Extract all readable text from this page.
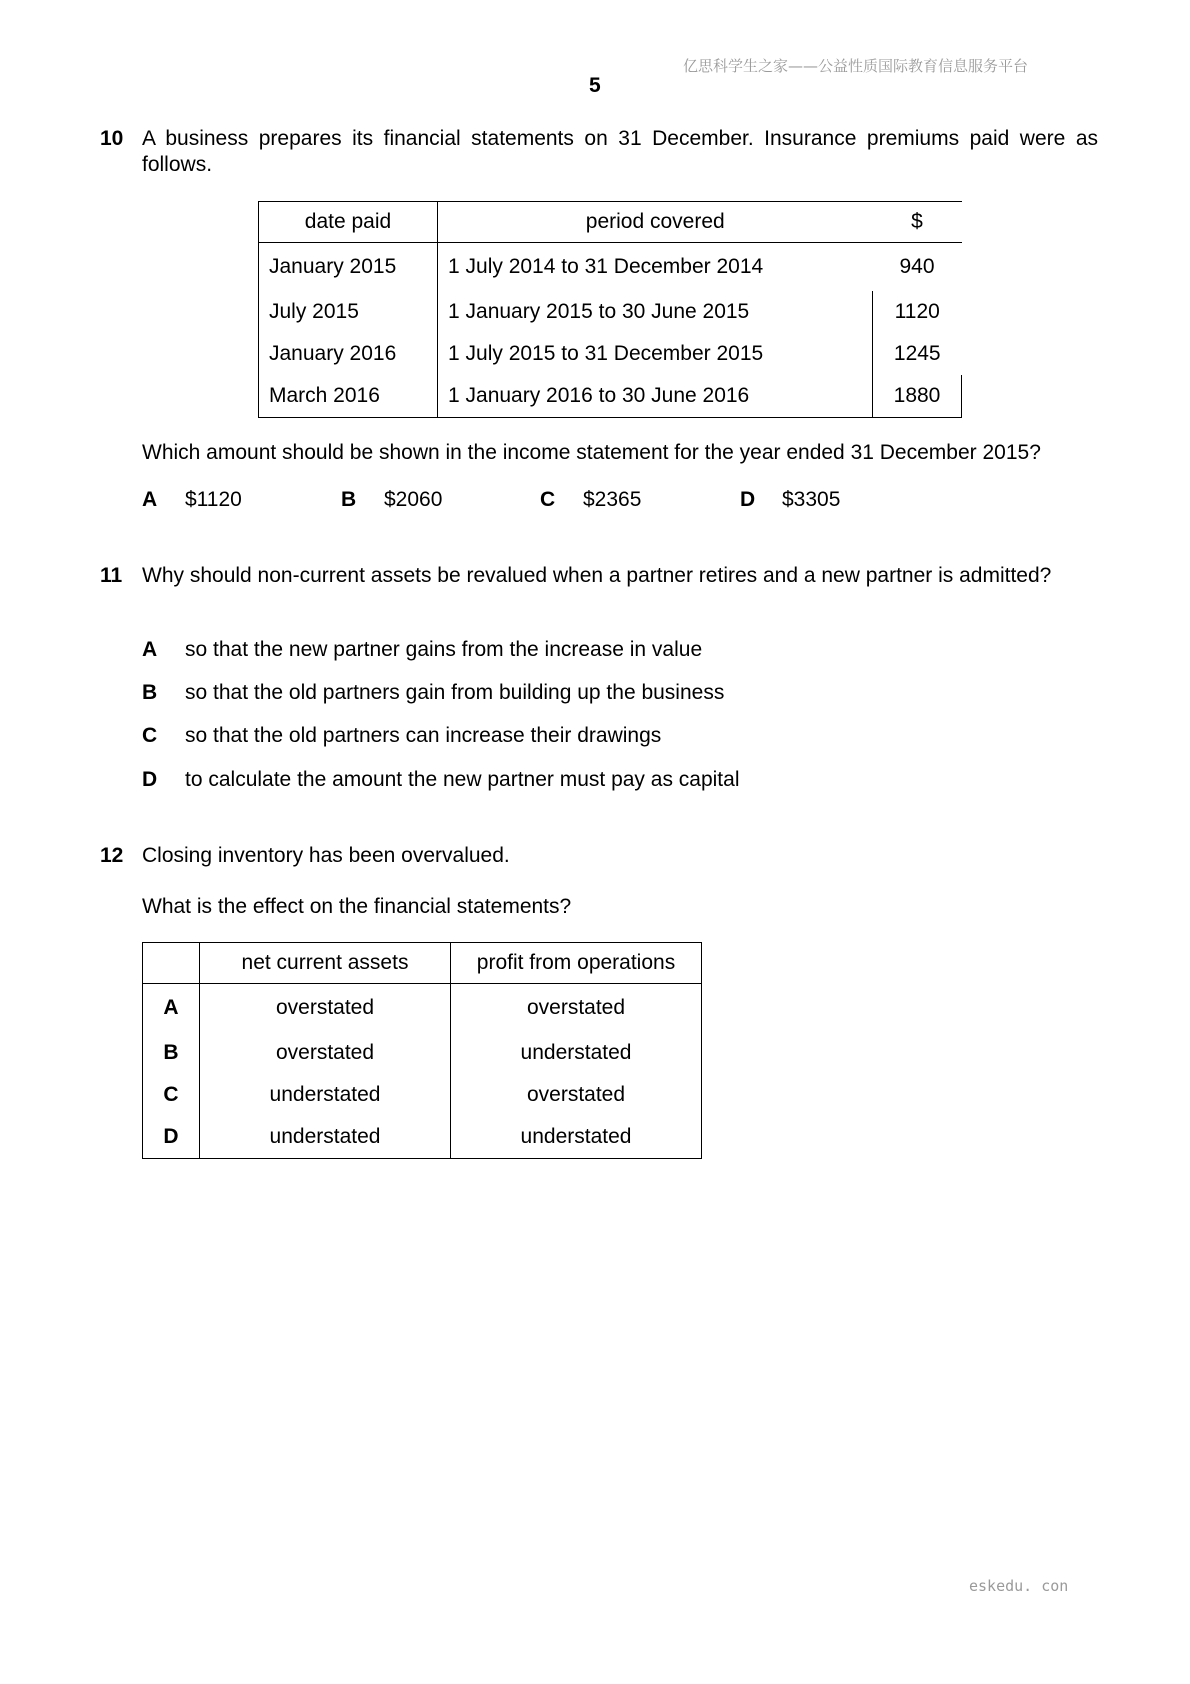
亿思科学生之家——公益性质国际教育信息服务平台
5
10 A business prepares its financial statements on 31 December. Insurance premiums paid were as follows.
date paid	period covered	$
January 2015	1 July 2014 to 31 December 2014	940
July 2015	1 January 2015 to 30 June 2015	1120
January 2016	1 July 2015 to 31 December 2015	1245
March 2016	1 January 2016 to 30 June 2016	1880
Which amount should be shown in the income statement for the year ended 31 December 2015?
A $1120	B $2060	C $2365	D $3305
11 Why should non-current assets be revalued when a partner retires and a new partner is admitted?
A so that the new partner gains from the increase in value
B so that the old partners gain from building up the business
C so that the old partners can increase their drawings
D to calculate the amount the new partner must pay as capital
12 Closing inventory has been overvalued.
What is the effect on the financial statements?
	net current assets	profit from operations
A	overstated	overstated
B	overstated	understated
C	understated	overstated
D	understated	understated
eskedu. con
